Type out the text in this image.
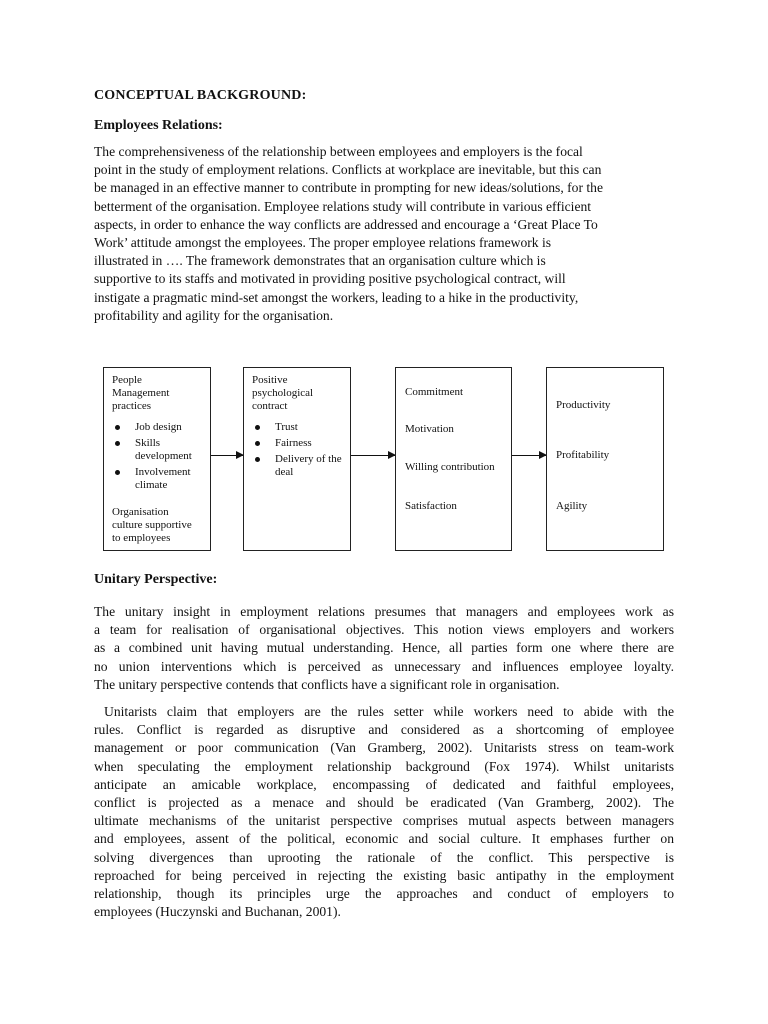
CONCEPTUAL BACKGROUND:
Employees Relations:
The comprehensiveness of the relationship between employees and employers is the focal
point in the study of employment relations. Conflicts at workplace are inevitable, but this can
be managed in an effective manner to contribute in prompting for new ideas/solutions, for the
betterment of the organisation. Employee relations study will contribute in various efficient
aspects, in order to enhance the way conflicts are addressed and encourage a ‘Great Place To
Work’ attitude amongst the employees. The proper employee relations framework is
illustrated in …. The framework demonstrates that an organisation culture which is
supportive to its staffs and motivated in providing positive psychological contract, will
instigate a pragmatic mind-set amongst the workers, leading to a hike in the productivity,
profitability and agility for the organisation.
People
Management
practices
Job design
Skills development
Involvement climate
Organisation
culture supportive
to employees
Positive
psychological
contract
Trust
Fairness
Delivery of the deal
Commitment
Motivation
Willing contribution
Satisfaction
Productivity
Profitability
Agility
Unitary Perspective:
The unitary insight in employment relations presumes that managers and employees work as
a team for realisation of organisational objectives. This notion views employers and workers
as a combined unit having mutual understanding. Hence, all parties form one where there are
no union interventions which is perceived as unnecessary and influences employee loyalty.
The unitary perspective contends that conflicts have a significant role in organisation.
Unitarists claim that employers are the rules setter while workers need to abide with the
rules. Conflict is regarded as disruptive and considered as a shortcoming of employee
management or poor communication (Van Gramberg, 2002). Unitarists stress on team-work
when speculating the employment relationship background (Fox 1974). Whilst unitarists
anticipate an amicable workplace, encompassing of dedicated and faithful employees,
conflict is projected as a menace and should be eradicated (Van Gramberg, 2002). The
ultimate mechanisms of the unitarist perspective comprises mutual aspects between managers
and employees, assent of the political, economic and social culture. It emphases further on
solving divergences than uprooting the rationale of the conflict. This perspective is
reproached for being perceived in rejecting the existing basic antipathy in the employment
relationship, though its principles urge the approaches and conduct of employers to
employees (Huczynski and Buchanan, 2001).
